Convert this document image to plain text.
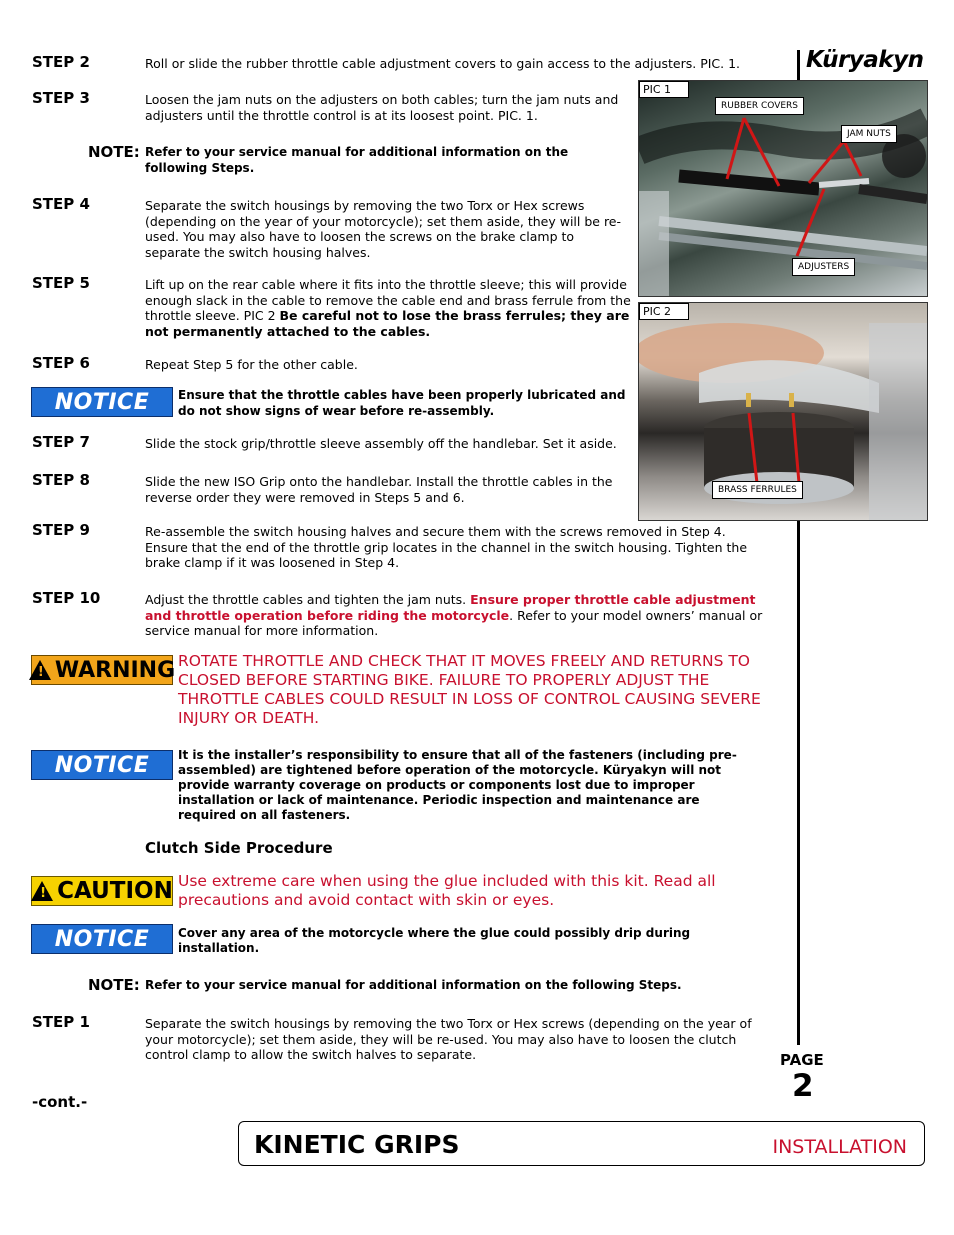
Küryakyn
STEP 2	Roll or slide the rubber throttle cable adjustment covers to gain access to the adjusters. PIC. 1.
STEP 3	Loosen the jam nuts on the adjusters on both cables; turn the jam nuts and adjusters until the throttle control is at its loosest point. PIC. 1.
NOTE: Refer to your service manual for additional information on the following Steps.
STEP 4	Separate the switch housings by removing the two Torx or Hex screws (depending on the year of your motorcycle); set them aside, they will be re-used. You may also have to loosen the screws on the brake clamp to separate the switch housing halves.
STEP 5	Lift up on the rear cable where it fits into the throttle sleeve; this will provide enough slack in the cable to remove the cable end and brass ferrule from the throttle sleeve. PIC 2 Be careful not to lose the brass ferrules; they are not permanently attached to the cables.
STEP 6	Repeat Step 5 for the other cable.
NOTICE Ensure that the throttle cables have been properly lubricated and do not show signs of wear before re-assembly.
STEP 7	Slide the stock grip/throttle sleeve assembly off the handlebar. Set it aside.
STEP 8	Slide the new ISO Grip onto the handlebar. Install the throttle cables in the reverse order they were removed in Steps 5 and 6.
STEP 9	Re-assemble the switch housing halves and secure them with the screws removed in Step 4. Ensure that the end of the throttle grip locates in the channel in the switch housing. Tighten the brake clamp if it was loosened in Step 4.
STEP 10	Adjust the throttle cables and tighten the jam nuts. Ensure proper throttle cable adjustment and throttle operation before riding the motorcycle. Refer to your model owners’ manual or service manual for more information.
! WARNING ROTATE THROTTLE AND CHECK THAT IT MOVES FREELY AND RETURNS TO CLOSED BEFORE STARTING BIKE. FAILURE TO PROPERLY ADJUST THE THROTTLE CABLES COULD RESULT IN LOSS OF CONTROL CAUSING SEVERE INJURY OR DEATH.
NOTICE It is the installer’s responsibility to ensure that all of the fasteners (including pre-assembled) are tightened before operation of the motorcycle. Küryakyn will not provide warranty coverage on products or components lost due to improper installation or lack of maintenance. Periodic inspection and maintenance are required on all fasteners.
Clutch Side Procedure
! CAUTION Use extreme care when using the glue included with this kit. Read all precautions and avoid contact with skin or eyes.
NOTICE Cover any area of the motorcycle where the glue could possibly drip during installation.
NOTE: Refer to your service manual for additional information on the following Steps.
STEP 1	Separate the switch housings by removing the two Torx or Hex screws (depending on the year of your motorcycle); set them aside, they will be re-used. You may also have to loosen the clutch control clamp to allow the switch halves to separate.
-cont.-
PAGE
2
KINETIC GRIPS	INSTALLATION
PIC 1
RUBBER COVERS
JAM NUTS
ADJUSTERS
PIC 2
BRASS FERRULES
